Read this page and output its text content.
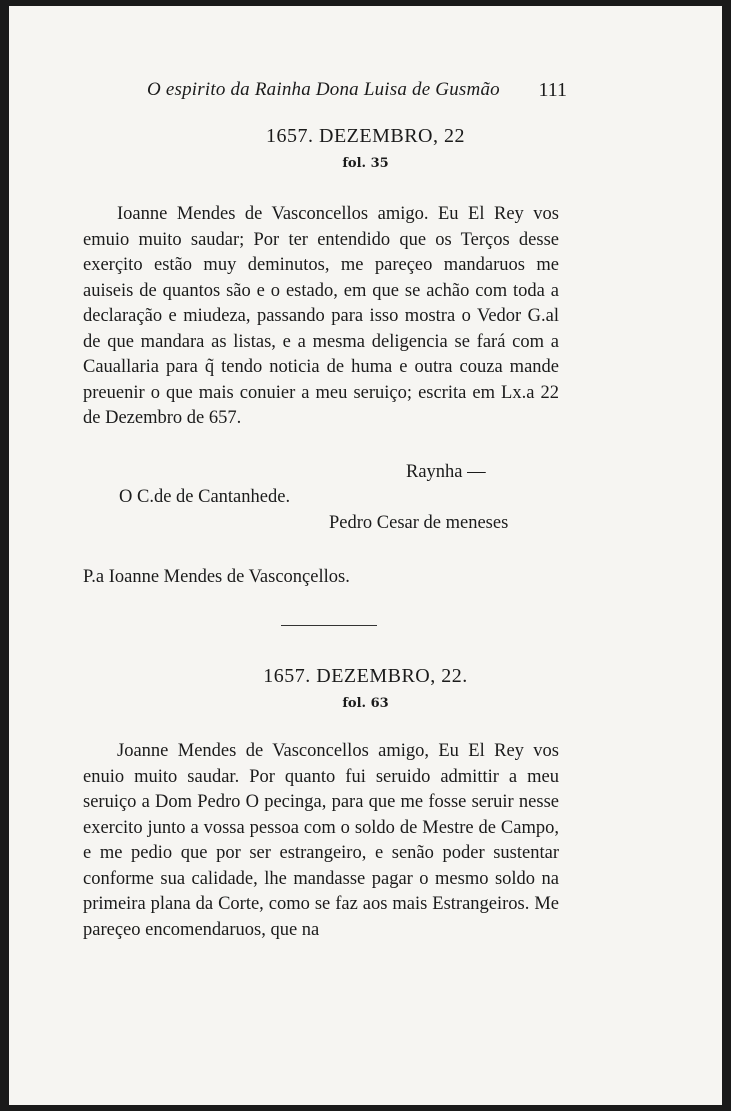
O espirito da Rainha Dona Luisa de Gusmão 111
1657. DEZEMBRO, 22
fol. 35

Ioanne Mendes de Vasconcellos amigo. Eu El Rey vos emuio muito saudar; Por ter entendido que os Terços desse exerçito estão muy deminutos, me pareçeo mandaruos me auiseis de quantos são e o estado, em que se achão com toda a declaração e miudeza, passando para isso mostra o Vedor G.al de que mandara as listas, e a mesma deligencia se fará com a Cauallaria para q̃ tendo noticia de huma e outra couza mande preuenir o que mais conuier a meu seruiço; escrita em Lx.a 22 de Dezembro de 657.

Raynha —
O C.de de Cantanhede.
Pedro Cesar de meneses
P.a Ioanne Mendes de Vasconçellos.
1657. DEZEMBRO, 22.
fol. 63

Joanne Mendes de Vasconcellos amigo, Eu El Rey vos enuio muito saudar. Por quanto fui seruido admittir a meu seruiço a Dom Pedro O pecinga, para que me fosse seruir nesse exercito junto a vossa pessoa com o soldo de Mestre de Campo, e me pedio que por ser estrangeiro, e senão poder sustentar conforme sua calidade, lhe mandasse pagar o mesmo soldo na primeira plana da Corte, como se faz aos mais Estrangeiros. Me pareçeo encomendaruos, que na
